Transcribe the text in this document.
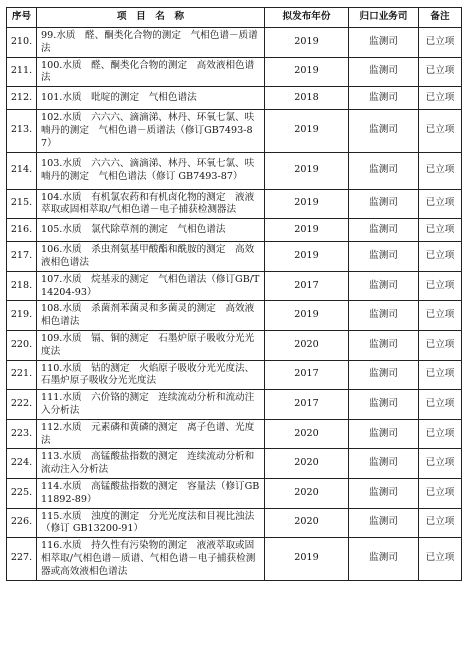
序号	项　目　名　称	拟发布年份	归口业务司	备注
210.	99.水质　醛、酮类化合物的测定　气相色谱－质谱法	2019	监测司	已立项
211.	100.水质　醛、酮类化合物的测定　高效液相色谱法	2019	监测司	已立项
212.	101.水质　吡啶的测定　气相色谱法	2018	监测司	已立项
213.	102.水质　六六六、滴滴涕、林丹、环氧七氯、呋喃丹的测定　气相色谱－质谱法（修订GB7493-87）	2019	监测司	已立项
214.	103.水质　六六六、滴滴涕、林丹、环氧七氯、呋喃丹的测定　气相色谱法（修订 GB7493-87）	2019	监测司	已立项
215.	104.水质　有机氯农药和有机卤化物的测定　液液萃取或固相萃取/气相色谱－电子捕获检测器法	2019	监测司	已立项
216.	105.水质　氯代除草剂的测定　气相色谱法	2019	监测司	已立项
217.	106.水质　杀虫剂氨基甲酸酯和酰胺的测定　高效液相色谱法	2019	监测司	已立项
218.	107.水质　烷基汞的测定　气相色谱法（修订GB/T14204-93）	2017	监测司	已立项
219.	108.水质　杀菌剂苯菌灵和多菌灵的测定　高效液相色谱法	2019	监测司	已立项
220.	109.水质　镉、铜的测定　石墨炉原子吸收分光光度法	2020	监测司	已立项
221.	110.水质　钴的测定　火焰原子吸收分光光度法、石墨炉原子吸收分光光度法	2017	监测司	已立项
222.	111.水质　六价铬的测定　连续流动分析和流动注入分析法	2017	监测司	已立项
223.	112.水质　元素磷和黄磷的测定　离子色谱、光度法	2020	监测司	已立项
224.	113.水质　高锰酸盐指数的测定　连续流动分析和流动注入分析法	2020	监测司	已立项
225.	114.水质　高锰酸盐指数的测定　容量法（修订GB11892-89）	2020	监测司	已立项
226.	115.水质　浊度的测定　分光光度法和目视比浊法（修订 GB13200-91）	2020	监测司	已立项
227.	116.水质　持久性有污染物的测定　液液萃取或固相萃取/气相色谱－质谱、气相色谱－电子捕获检测器或高效液相色谱法	2019	监测司	已立项
